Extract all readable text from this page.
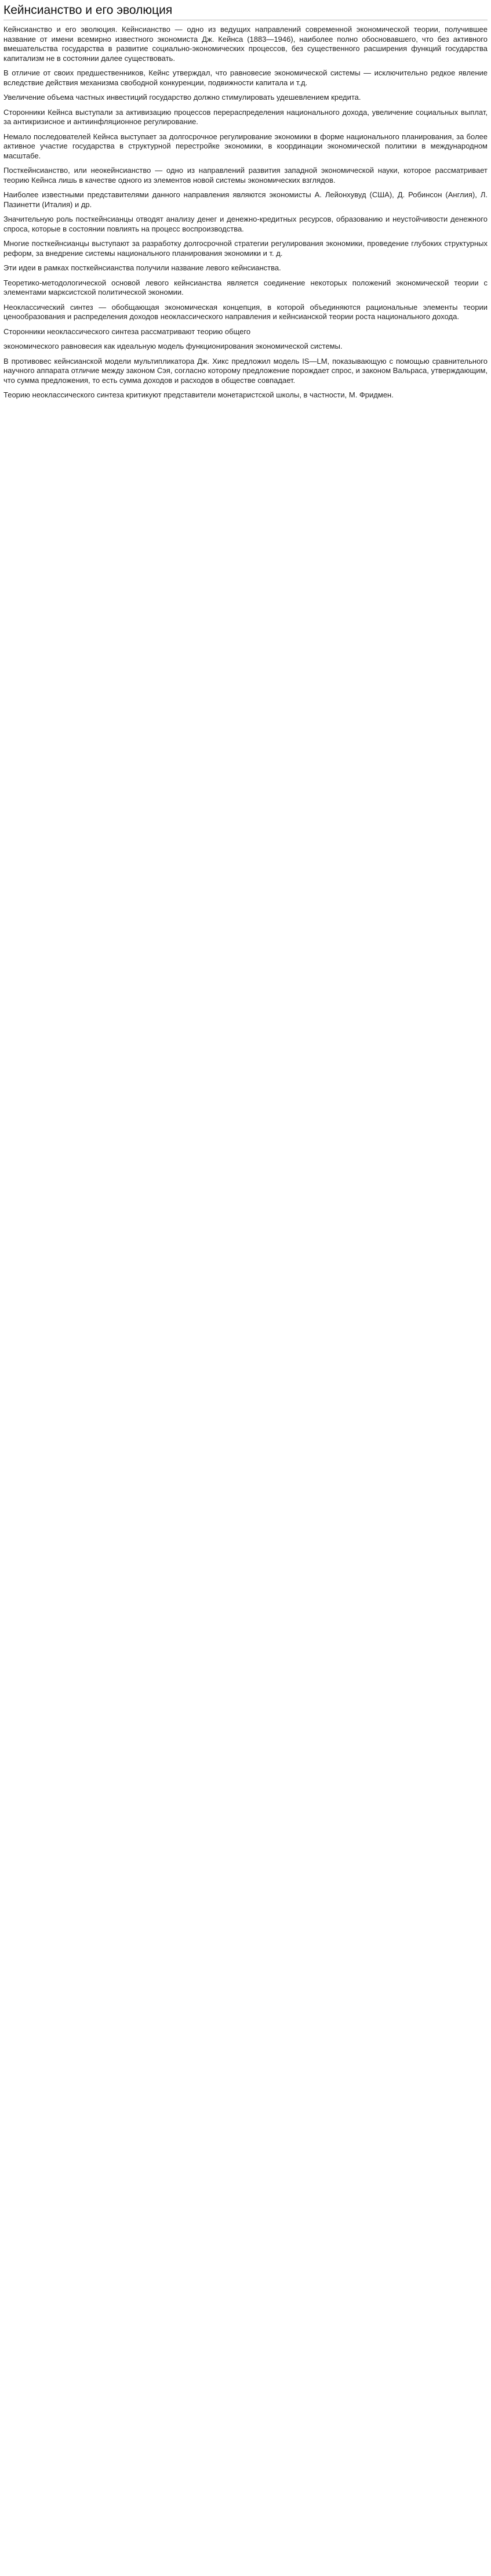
Кейнсианство и его эволюция

Кейнсианство и его эволюция. Кейнсианство — одно из ведущих направлений современной экономической теории, получившее название от имени всемирно известного экономиста Дж. Кейнса (1883—1946), наиболее полно обосновавшего, что без активного вмешательства государства в развитие социально-экономических процессов, без существенного расширения функций государства капитализм не в состоянии далее существовать.

В отличие от своих предшественников, Кейнс утверждал, что равновесие экономической системы — исключительно редкое явление вследствие действия механизма свободной конкуренции, подвижности капитала и т.д.

Увеличение объема частных инвестиций государство должно стимулировать удешевлением кредита.

Сторонники Кейнса выступали за активизацию процессов перераспределения национального дохода, увеличение социальных выплат, за антикризисное и антиинфляционное регулирование.

Немало последователей Кейнса выступает за долгосрочное регулирование экономики в форме национального планирования, за более активное участие государства в структурной перестройке экономики, в координации экономической политики в международном масштабе.

Посткейнсианство, или неокейнсианство — одно из направлений развития западной экономической науки, которое рассматривает теорию Кейнса лишь в качестве одного из элементов новой системы экономических взглядов.

Наиболее известными представителями данного направления являются экономисты А. Лейонхувуд (США), Д. Робинсон (Англия), Л. Пазинетти (Италия) и др.

Значительную роль посткейнсианцы отводят анализу денег и денежно-кредитных ресурсов, образованию и неустойчивости денежного спроса, которые в состоянии повлиять на процесс воспроизводства.

Многие посткейнсианцы выступают за разработку долгосрочной стратегии регулирования экономики, проведение глубоких структурных реформ, за внедрение системы национального планирования экономики и т. д.

Эти идеи в рамках посткейнсианства получили название левого кейнсианства.

Теоретико-методологической основой левого кейнсианства является соединение некоторых положений экономической теории с элементами марксистской политической экономии.

Неоклассический синтез — обобщающая экономическая концепция, в которой объединяются рациональные элементы теории ценообразования и распределения доходов неоклассического направления и кейнсианской теории роста национального дохода.

Сторонники неоклассического синтеза рассматривают теорию общего

экономического равновесия как идеальную модель функционирования экономической системы.

В противовес кейнсианской модели мультипликатора Дж. Хикс предложил модель IS—LM, показывающую с помощью сравнительного научного аппарата отличие между законом Сэя, согласно которому предложение порождает спрос, и законом Вальраса, утверждающим, что сумма предложения, то есть сумма доходов и расходов в обществе совпадает.

Теорию неоклассического синтеза критикуют представители монетаристской школы, в частности, М. Фридмен.
